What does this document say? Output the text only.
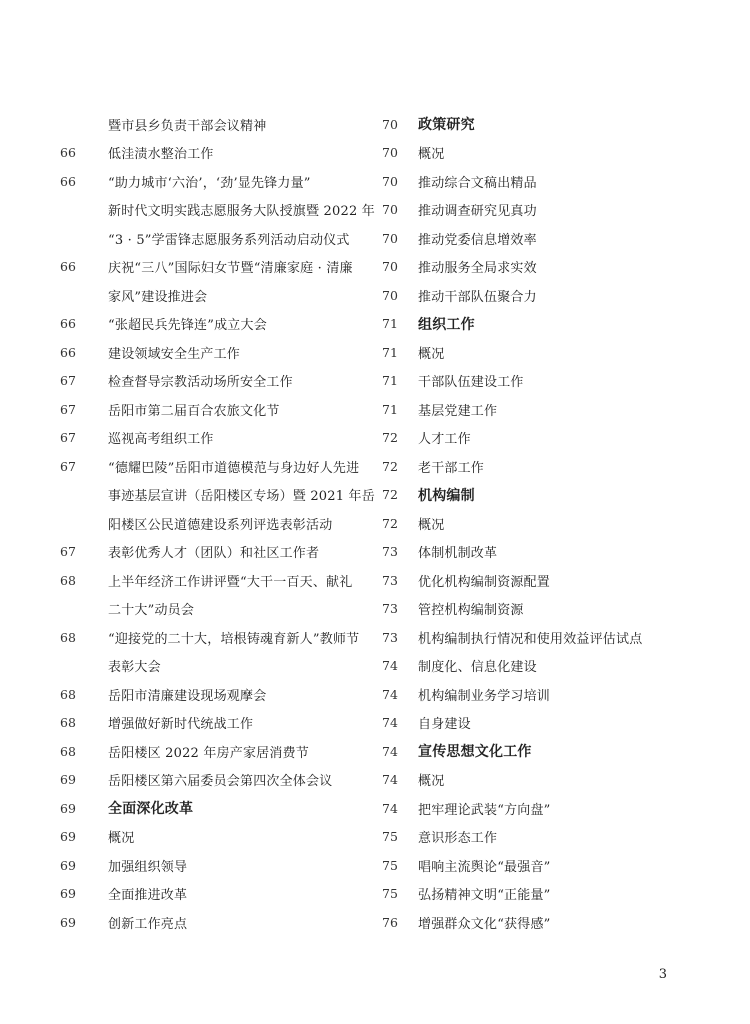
暨市县乡负责干部会议精神
66	低洼渍水整治工作
66	“助力城市‘六治’，‘劲’显先锋力量”
新时代文明实践志愿服务大队授旗暨 2022 年
“3 · 5”学雷锋志愿服务系列活动启动仪式
66	庆祝“三八”国际妇女节暨“清廉家庭 · 清廉
家风”建设推进会
66	“张超民兵先锋连”成立大会
66	建设领域安全生产工作
67	检查督导宗教活动场所安全工作
67	岳阳市第二届百合农旅文化节
67	巡视高考组织工作
67	“德耀巴陵”岳阳市道德模范与身边好人先进
事迹基层宣讲（岳阳楼区专场）暨 2021 年岳
阳楼区公民道德建设系列评选表彰活动
67	表彰优秀人才（团队）和社区工作者
68	上半年经济工作讲评暨“大干一百天、献礼
二十大”动员会
68	“迎接党的二十大，培根铸魂育新人”教师节
表彰大会
68	岳阳市清廉建设现场观摩会
68	增强做好新时代统战工作
68	岳阳楼区 2022 年房产家居消费节
69	岳阳楼区第六届委员会第四次全体会议
69	全面深化改革
69	概况
69	加强组织领导
69	全面推进改革
69	创新工作亮点
70	政策研究
70	概况
70	推动综合文稿出精品
70	推动调查研究见真功
70	推动党委信息增效率
70	推动服务全局求实效
70	推动干部队伍聚合力
71	组织工作
71	概况
71	干部队伍建设工作
71	基层党建工作
72	人才工作
72	老干部工作
72	机构编制
72	概况
73	体制机制改革
73	优化机构编制资源配置
73	管控机构编制资源
73	机构编制执行情况和使用效益评估试点
74	制度化、信息化建设
74	机构编制业务学习培训
74	自身建设
74	宣传思想文化工作
74	概况
74	把牢理论武装“方向盘”
75	意识形态工作
75	唱响主流舆论“最强音”
75	弘扬精神文明“正能量”
76	增强群众文化“获得感”
3
